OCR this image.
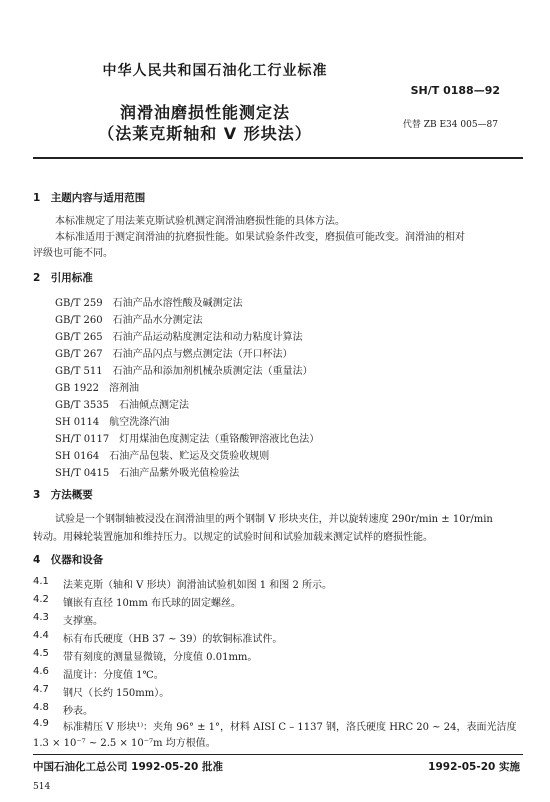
中华人民共和国石油化工行业标准
SH/T 0188—92
润滑油磨损性能测定法
（法莱克斯轴和 V 形块法）	代替 ZB E34 005—87
1　主题内容与适用范围
本标准规定了用法莱克斯试验机测定润滑油磨损性能的具体方法。
本标准适用于测定润滑油的抗磨损性能。如果试验条件改变，磨损值可能改变。润滑油的相对
评级也可能不同。
2　引用标准
GB/T 259　石油产品水溶性酸及碱测定法
GB/T 260　石油产品水分测定法
GB/T 265　石油产品运动粘度测定法和动力粘度计算法
GB/T 267　石油产品闪点与燃点测定法（开口杯法）
GB/T 511　石油产品和添加剂机械杂质测定法（重量法）
GB 1922　溶剂油
GB/T 3535　石油倾点测定法
SH 0114　航空洗涤汽油
SH/T 0117　灯用煤油色度测定法（重铬酸钾溶液比色法）
SH 0164　石油产品包装、贮运及交货验收规则
SH/T 0415　石油产品紫外吸光值检验法
3　方法概要
试验是一个钢制轴被浸没在润滑油里的两个钢制 V 形块夹住，并以旋转速度 290r/min ± 10r/min
转动。用棘轮装置施加和维持压力。以规定的试验时间和试验加载来测定试样的磨损性能。
4　仪器和设备
4.1 法莱克斯（轴和 V 形块）润滑油试验机如图 1 和图 2 所示。
4.2 镶嵌有直径 10mm 布氏球的固定螺丝。
4.3 支撑塞。
4.4 标有布氏硬度（HB 37 ~ 39）的软铜标准试件。
4.5 带有刻度的测量显微镜，分度值 0.01mm。
4.6 温度计：分度值 1℃。
4.7 钢尺（长约 150mm）。
4.8 秒表。
4.9 标准精压 V 形块¹⁾：夹角 96° ± 1°，材料 AISI C – 1137 钢，洛氏硬度 HRC 20 ~ 24，表面光洁度
1.3 × 10⁻⁷ ~ 2.5 × 10⁻⁷m 均方根值。
中国石油化工总公司 1992-05-20 批准	1992-05-20 实施
514
